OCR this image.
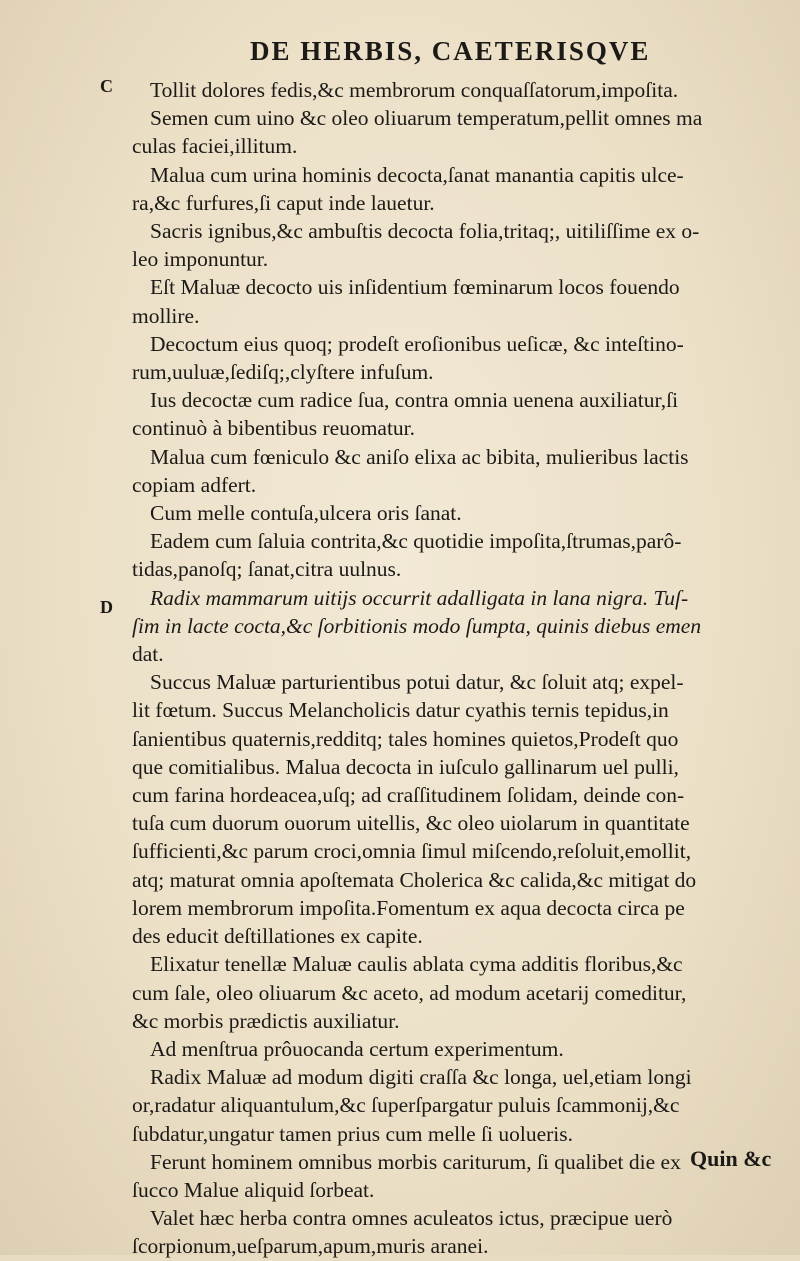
DE HERBIS, CAETERISQVE
C
D
Tollit dolores fedis,&c membrorum conquaſſatorum,impoſita.
Semen cum uino &c oleo oliuarum temperatum,pellit omnes ma
culas faciei,illitum.
Malua cum urina hominis decocta,ſanat manantia capitis ulce-
ra,&c furfures,ſi caput inde lauetur.
Sacris ignibus,&c ambuſtis decocta folia,tritaq;, uitiliſſime ex o-
leo imponuntur.
Eſt Maluæ decocto uis inſidentium fœminarum locos fouendo
mollire.
Decoctum eius quoq; prodeſt eroſionibus ueſicæ, &c inteſtino-
rum,uuluæ,ſediſq;,clyſtere infuſum.
Ius decoctæ cum radice ſua, contra omnia uenena auxiliatur,ſi
continuò à bibentibus reuomatur.
Malua cum fœniculo &c aniſo elixa ac bibita, mulieribus lactis
copiam adfert.
Cum melle contuſa,ulcera oris ſanat.
Eadem cum ſaluia contrita,&c quotidie impoſita,ſtrumas,parô-
tidas,panoſq; ſanat,citra uulnus.
Radix mammarum uitijs occurrit adalligata in lana nigra. Tuſ-
ſim in lacte cocta,&c ſorbitionis modo ſumpta, quinis diebus emen
dat.
Succus Maluæ parturientibus potui datur, &c ſoluit atq; expel-
lit fœtum. Succus Melancholicis datur cyathis ternis tepidus,in
ſanientibus quaternis,redditq; tales homines quietos,Prodeſt quo
que comitialibus. Malua decocta in iuſculo gallinarum uel pulli,
cum farina hordeacea,uſq; ad craſſitudinem ſolidam, deinde con-
tuſa cum duorum ouorum uitellis, &c oleo uiolarum in quantitate
ſufficienti,&c parum croci,omnia ſimul miſcendo,reſoluit,emollit,
atq; maturat omnia apoſtemata Cholerica &c calida,&c mitigat do
lorem membrorum impoſita.Fomentum ex aqua decocta circa pe
des educit deſtillationes ex capite.
Elixatur tenellæ Maluæ caulis ablata cyma additis floribus,&c
cum ſale, oleo oliuarum &c aceto, ad modum acetarij comeditur,
&c morbis prædictis auxiliatur.
Ad menſtrua prôuocanda certum experimentum.
Radix Maluæ ad modum digiti craſſa &c longa, uel,etiam longi
or,radatur aliquantulum,&c ſuperſpargatur puluis ſcammonij,&c
ſubdatur,ungatur tamen prius cum melle ſi uolueris.
Ferunt hominem omnibus morbis cariturum, ſi qualibet die ex
ſucco Malue aliquid ſorbeat.
Valet hæc herba contra omnes aculeatos ictus, præcipue uerò
ſcorpionum,ueſparum,apum,muris aranei.
Quin &c
